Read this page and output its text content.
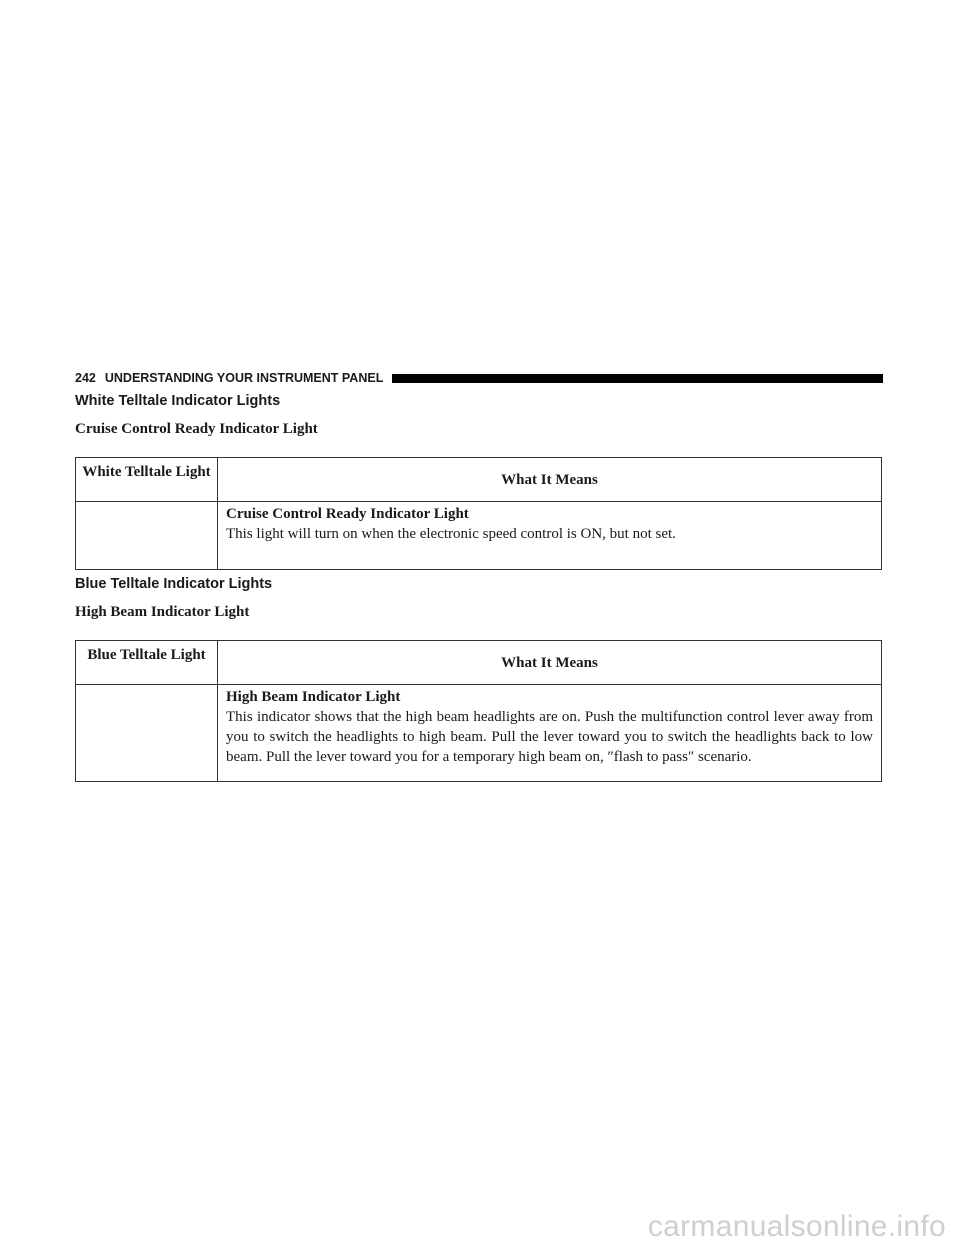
242 UNDERSTANDING YOUR INSTRUMENT PANEL
White Telltale Indicator Lights
Cruise Control Ready Indicator Light
White Telltale Light	What It Means

	Cruise Control Ready Indicator Light
This light will turn on when the electronic speed control is ON, but not set.
Blue Telltale Indicator Lights
High Beam Indicator Light
Blue Telltale Light	What It Means

	High Beam Indicator Light
This indicator shows that the high beam headlights are on. Push the multifunction control lever away from you to switch the headlights to high beam. Pull the lever toward you to switch the headlights back to low beam. Pull the lever toward you for a temporary high beam on, ″flash to pass″ scenario.
carmanualsonline.info
